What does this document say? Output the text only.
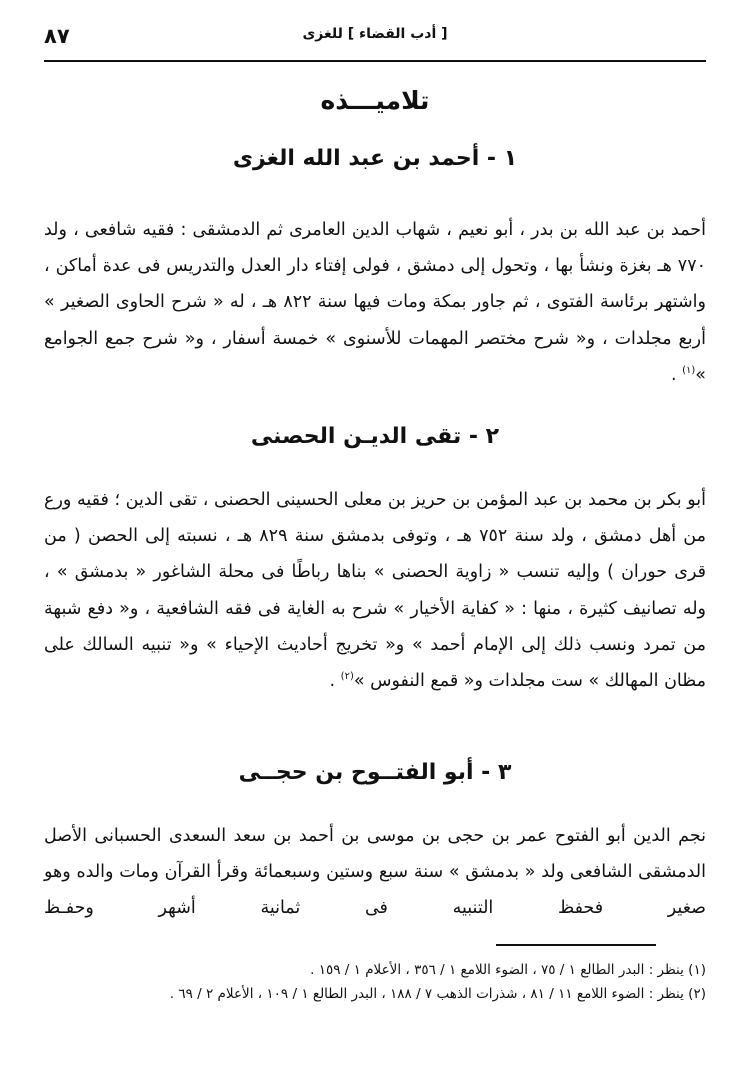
٨٧	[ أدب القضاء ] للغزى
تلاميـــذه
١ - أحمد بن عبد الله الغزى

أحمد بن عبد الله بن بدر ، أبو نعيم ، شهاب الدين العامرى ثم الدمشقى : فقيه شافعى ، ولد ٧٧٠ هـ بغزة ونشأ بها ، وتحول إلى دمشق ، فولى إفتاء دار العدل والتدريس فى عدة أماكن ، واشتهر برئاسة الفتوى ، ثم جاور بمكة ومات فيها سنة ٨٢٢ هـ ، له « شرح الحاوى الصغير » أربع مجلدات ، و« شرح مختصر المهمات للأسنوى » خمسة أسفار ، و« شرح جمع الجوامع »$^{(١)}$ .

٢ - تقى الديـن الحصنى

أبو بكر بن محمد بن عبد المؤمن بن حريز بن معلى الحسينى الحصنى ، تقى الدين ؛ فقيه ورع من أهل دمشق ، ولد سنة ٧٥٢ هـ ، وتوفى بدمشق سنة ٨٢٩ هـ ، نسبته إلى الحصن ( من قرى حوران ) وإليه تنسب « زاوية الحصنى » بناها رباطًا فى محلة الشاغور « بدمشق » ، وله تصانيف كثيرة ، منها : « كفاية الأخيار » شرح به الغاية فى فقه الشافعية ، و« دفع شبهة من تمرد ونسب ذلك إلى الإمام أحمد » و« تخريج أحاديث الإحياء » و« تنبيه السالك على مظان المهالك » ست مجلدات و« قمع النفوس »$^{(٢)}$ .

٣ - أبو الفتــوح بن حجــى

نجم الدين أبو الفتوح عمر بن حجى بن موسى بن أحمد بن سعد السعدى الحسبانى الأصل الدمشقى الشافعى ولد « بدمشق » سنة سبع وستين وسبعمائة وقرأ القرآن ومات والده وهو صغير فحفظ التنبيه فى ثمانية أشهر وحفـظ

(١) ينظر : البدر الطالع ١ / ٧٥ ، الضوء اللامع ١ / ٣٥٦ ، الأعلام ١ / ١٥٩ .

(٢) ينظر : الضوء اللامع ١١ / ٨١ ، شذرات الذهب ٧ / ١٨٨ ، البدر الطالع ١ / ١٠٩ ، الأعلام ٢ / ٦٩ .
